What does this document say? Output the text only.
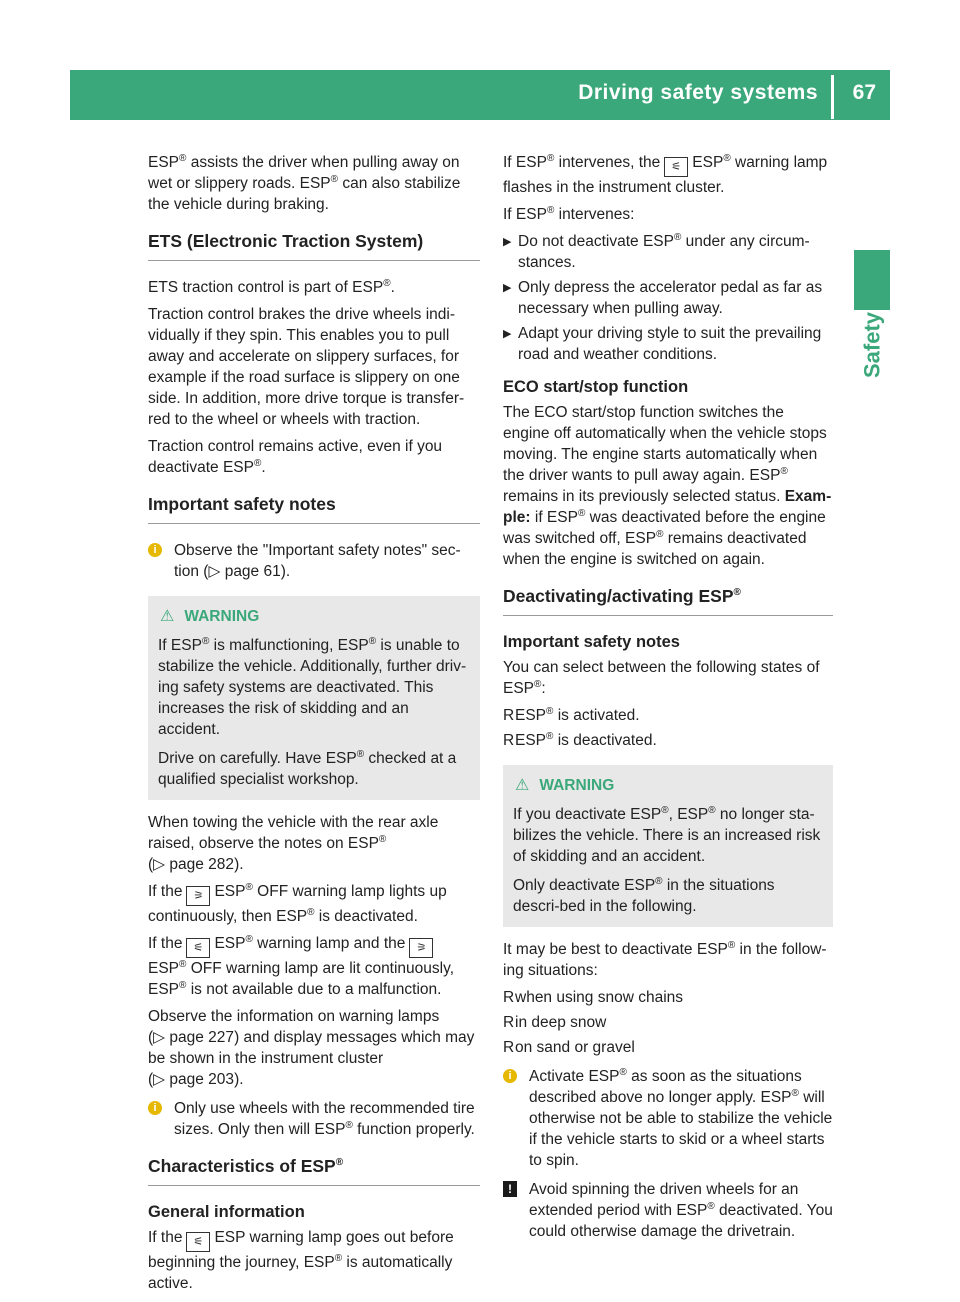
Driving safety systems 67
Safety

ESP® assists the driver when pulling away on wet or slippery roads. ESP® can also stabilize the vehicle during braking.

ETS (Electronic Traction System)

ETS traction control is part of ESP®.

Traction control brakes the drive wheels indi-vidually if they spin. This enables you to pull away and accelerate on slippery surfaces, for example if the road surface is slippery on one side. In addition, more drive torque is transfer-red to the wheel or wheels with traction.

Traction control remains active, even if you deactivate ESP®.

Important safety notes
i	Observe the "Important safety notes" sec-tion (▷ page 61).
⚠ WARNING

If ESP® is malfunctioning, ESP® is unable to stabilize the vehicle. Additionally, further driv-ing safety systems are deactivated. This increases the risk of skidding and an accident.

Drive on carefully. Have ESP® checked at a qualified specialist workshop.

When towing the vehicle with the rear axle raised, observe the notes on ESP® (▷ page 282).

If the ⚞ ESP® OFF warning lamp lights up continuously, then ESP® is deactivated.

If the ⚟ ESP® warning lamp and the ⚞
ESP® OFF warning lamp are lit continuously, ESP® is not available due to a malfunction.

Observe the information on warning lamps (▷ page 227) and display messages which may be shown in the instrument cluster (▷ page 203).

i	Only use wheels with the recommended tire sizes. Only then will ESP® function properly.
Characteristics of ESP®
General information

If the ⚟ ESP warning lamp goes out before beginning the journey, ESP® is automatically active.

If ESP® intervenes, the ⚟ ESP® warning lamp flashes in the instrument cluster.

If ESP® intervenes:

▶ Do not deactivate ESP® under any circum-stances.
▶ Only depress the accelerator pedal as far as necessary when pulling away.
▶ Adapt your driving style to suit the prevailing road and weather conditions.
ECO start/stop function

The ECO start/stop function switches the engine off automatically when the vehicle stops moving. The engine starts automatically when the driver wants to pull away again. ESP® remains in its previously selected status. Exam-ple: if ESP® was deactivated before the engine was switched off, ESP® remains deactivated when the engine is switched on again.

Deactivating/activating ESP®
Important safety notes

You can select between the following states of ESP®:

R ESP® is activated.
R ESP® is deactivated.
⚠ WARNING

If you deactivate ESP®, ESP® no longer sta-bilizes the vehicle. There is an increased risk of skidding and an accident.

Only deactivate ESP® in the situations descri-bed in the following.

It may be best to deactivate ESP® in the follow-ing situations:

R when using snow chains
R in deep snow
R on sand or gravel
i	Activate ESP® as soon as the situations described above no longer apply. ESP® will otherwise not be able to stabilize the vehicle if the vehicle starts to skid or a wheel starts to spin.
!	Avoid spinning the driven wheels for an extended period with ESP® deactivated. You could otherwise damage the drivetrain.
